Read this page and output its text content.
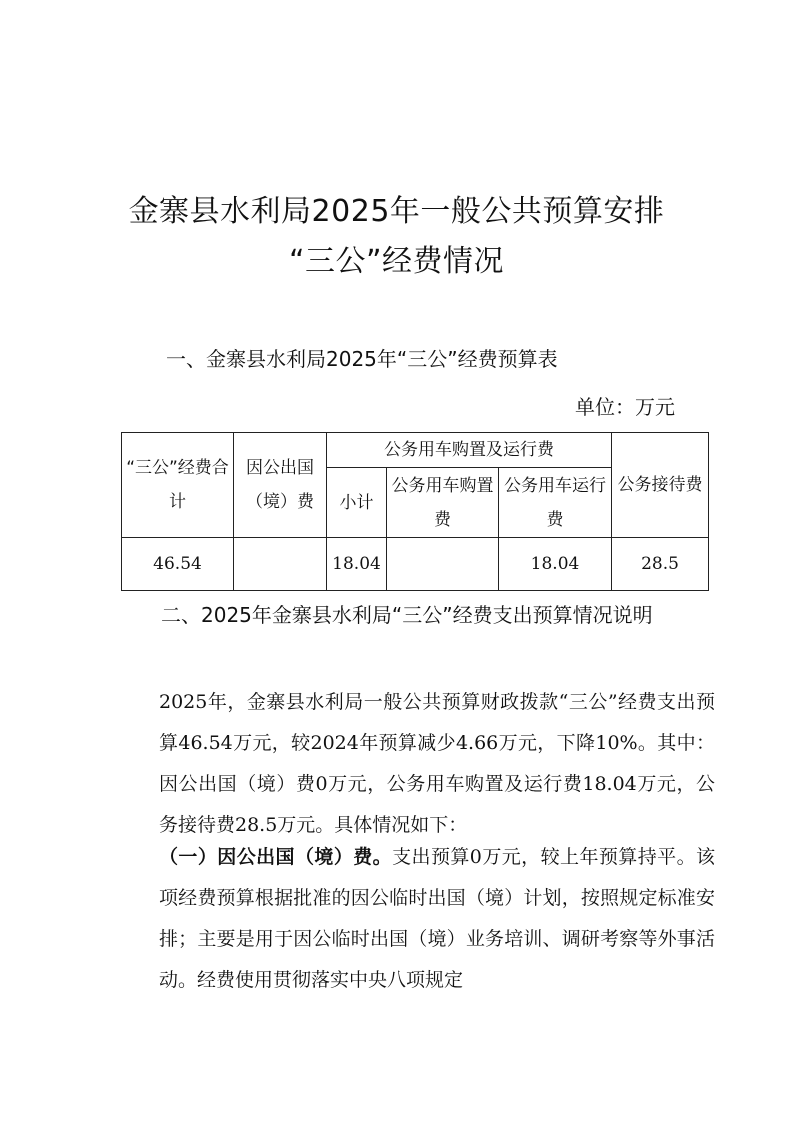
金寨县水利局2025年一般公共预算安排
“三公”经费情况
一、金寨县水利局2025年“三公”经费预算表
单位：万元
“三公”经费合计	因公出国（境）费	公务用车购置及运行费			公务接待费
		小计	公务用车购置费	公务用车运行费	
46.54		18.04		18.04	28.5
二、2025年金寨县水利局“三公”经费支出预算情况说明
2025年，金寨县水利局一般公共预算财政拨款“三公”经费支出预算46.54万元，较2024年预算减少4.66万元，下降10%。其中：因公出国（境）费0万元，公务用车购置及运行费18.04万元，公务接待费28.5万元。具体情况如下：
（一）因公出国（境）费。支出预算0万元，较上年预算持平。该项经费预算根据批准的因公临时出国（境）计划，按照规定标准安排；主要是用于因公临时出国（境）业务培训、调研考察等外事活动。经费使用贯彻落实中央八项规定
